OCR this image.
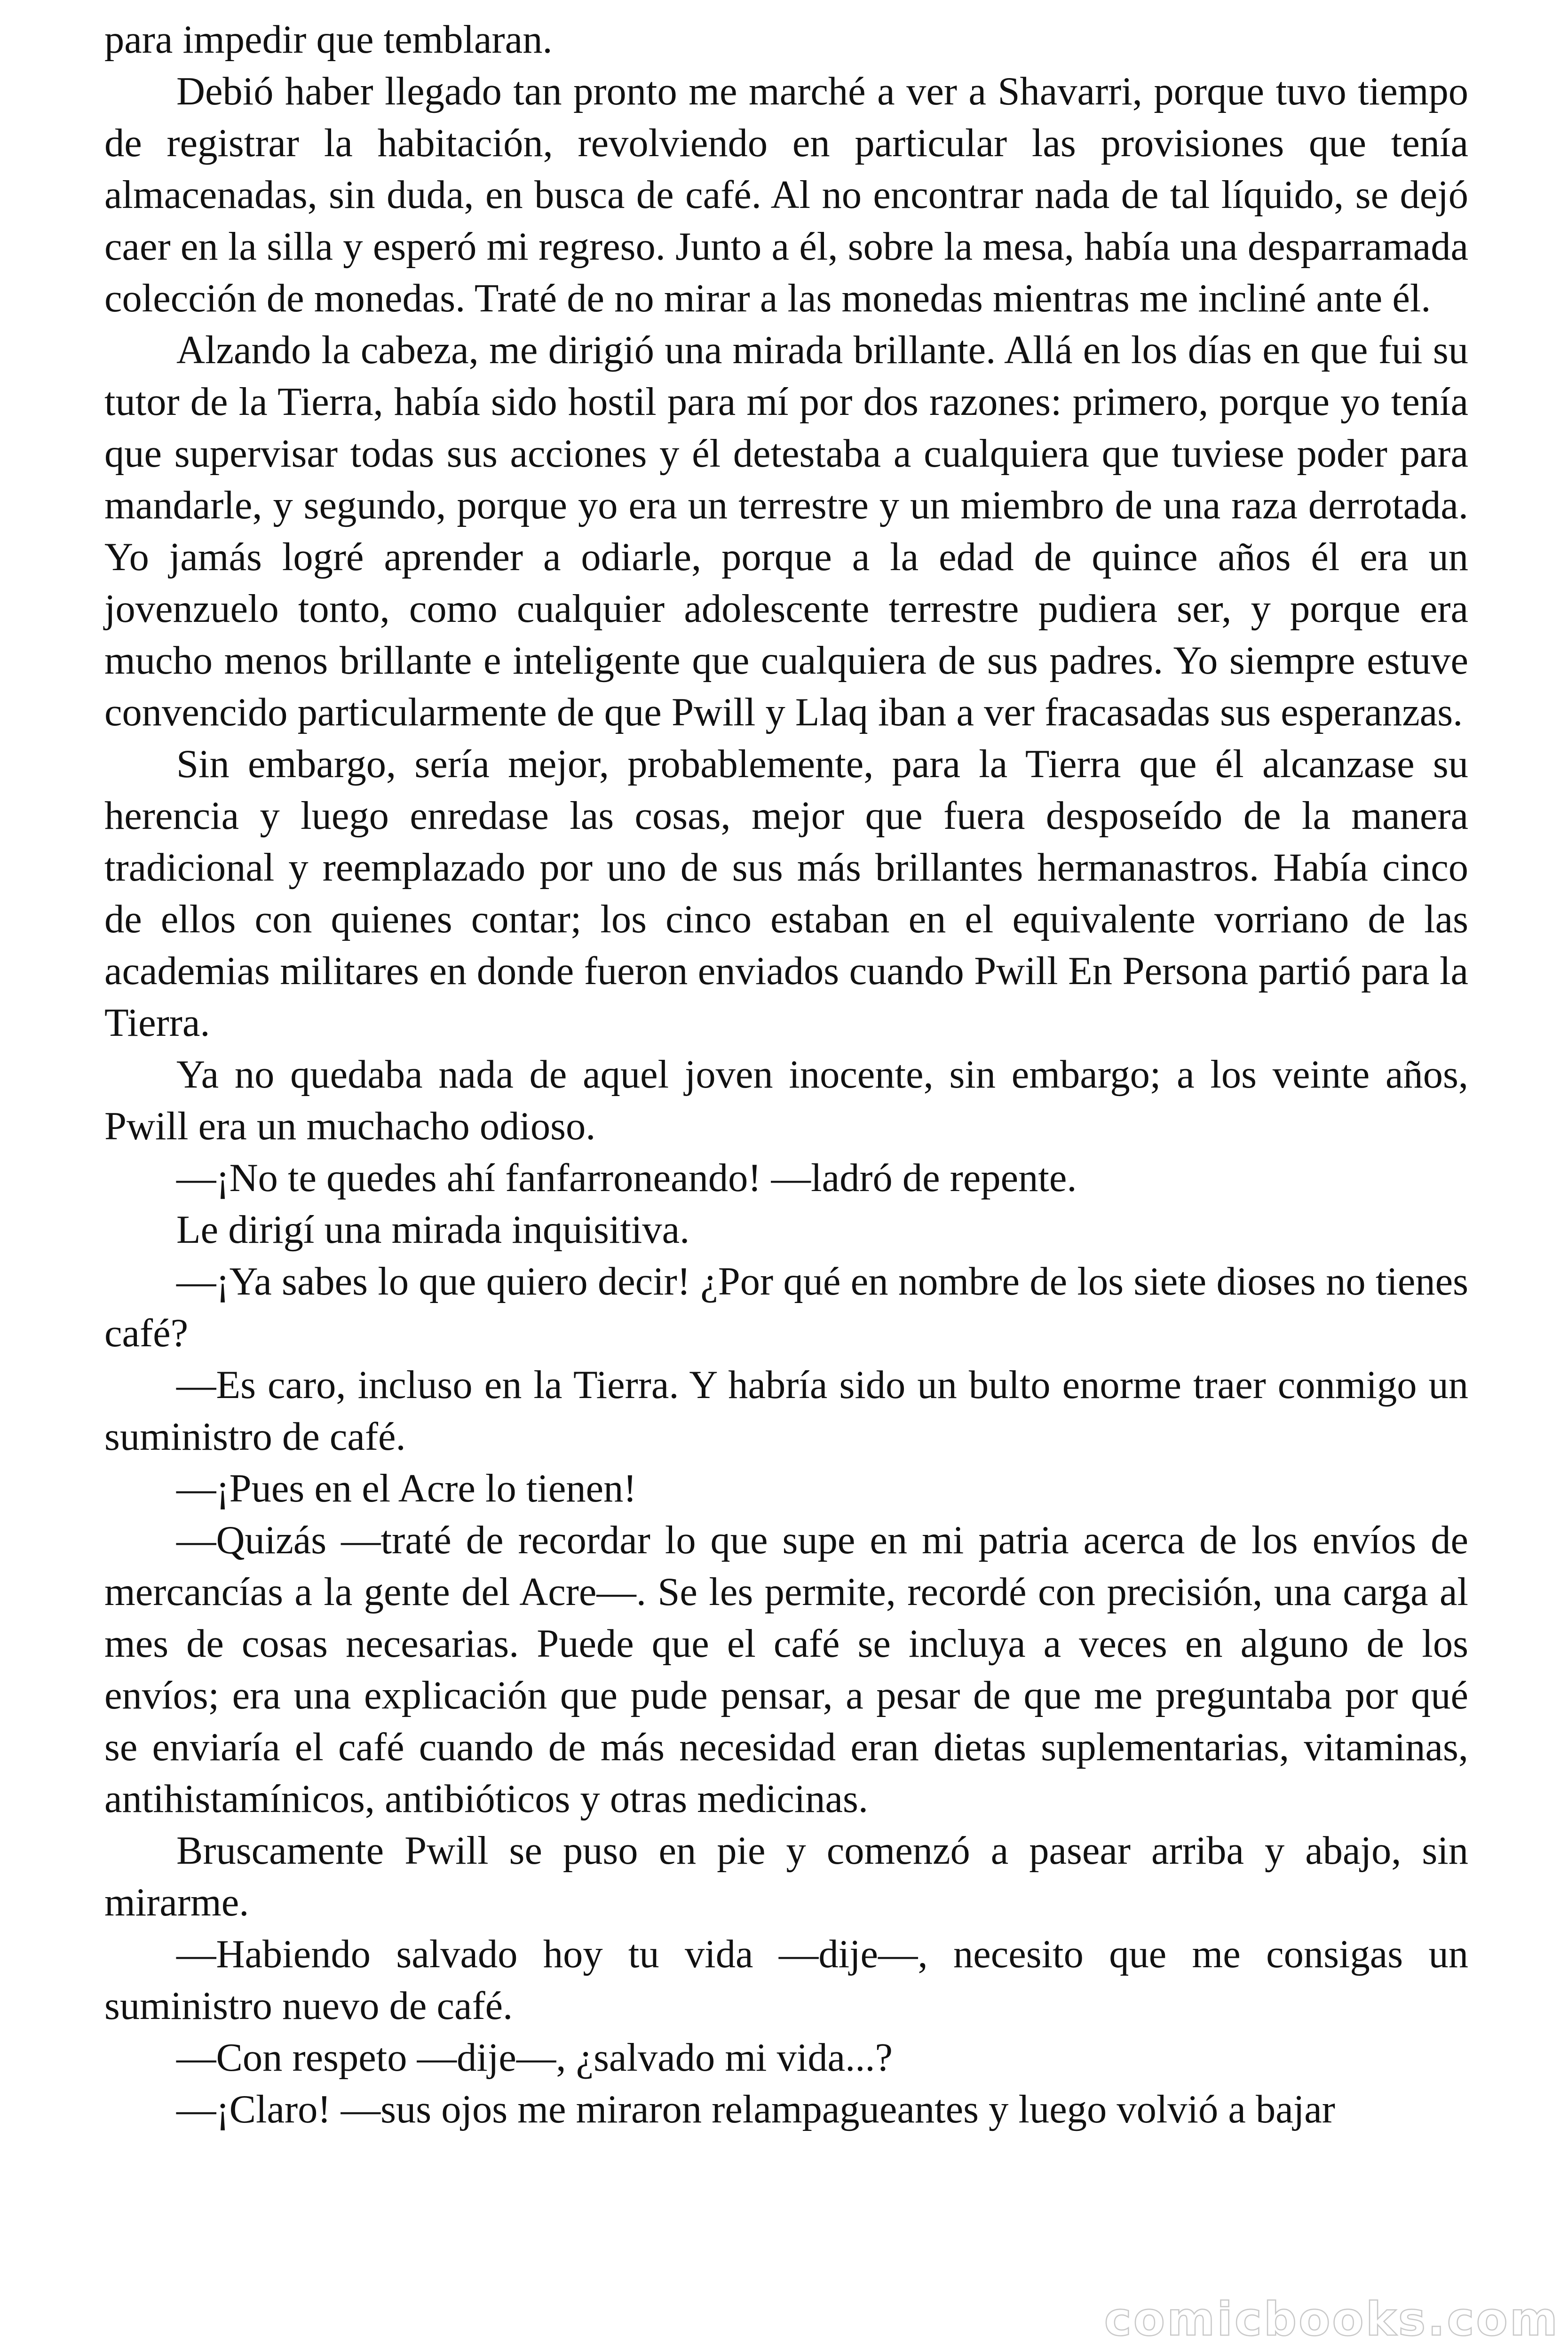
para impedir que temblaran.

Debió haber llegado tan pronto me marché a ver a Shavarri, porque tuvo tiempo de registrar la habitación, revolviendo en particular las provisiones que tenía almacenadas, sin duda, en busca de café. Al no encontrar nada de tal líquido, se dejó caer en la silla y esperó mi regreso. Junto a él, sobre la mesa, había una desparramada colección de monedas. Traté de no mirar a las monedas mientras me incliné ante él.

Alzando la cabeza, me dirigió una mirada brillante. Allá en los días en que fui su tutor de la Tierra, había sido hostil para mí por dos razones: primero, porque yo tenía que supervisar todas sus acciones y él detestaba a cualquiera que tuviese poder para mandarle, y segundo, porque yo era un terrestre y un miembro de una raza derrotada. Yo jamás logré aprender a odiarle, porque a la edad de quince años él era un jovenzuelo tonto, como cualquier adolescente terrestre pudiera ser, y porque era mucho menos brillante e inteligente que cualquiera de sus padres. Yo siempre estuve convencido particularmente de que Pwill y Llaq iban a ver fracasadas sus esperanzas.

Sin embargo, sería mejor, probablemente, para la Tierra que él alcanzase su herencia y luego enredase las cosas, mejor que fuera desposeído de la manera tradicional y reemplazado por uno de sus más brillantes hermanastros. Había cinco de ellos con quienes contar; los cinco estaban en el equivalente vorriano de las academias militares en donde fueron enviados cuando Pwill En Persona partió para la Tierra.

Ya no quedaba nada de aquel joven inocente, sin embargo; a los veinte años, Pwill era un muchacho odioso.

—¡No te quedes ahí fanfarroneando! —ladró de repente.

Le dirigí una mirada inquisitiva.

—¡Ya sabes lo que quiero decir! ¿Por qué en nombre de los siete dioses no tienes café?

—Es caro, incluso en la Tierra. Y habría sido un bulto enorme traer conmigo un suministro de café.

—¡Pues en el Acre lo tienen!

—Quizás —traté de recordar lo que supe en mi patria acerca de los envíos de mercancías a la gente del Acre—. Se les permite, recordé con precisión, una carga al mes de cosas necesarias. Puede que el café se incluya a veces en alguno de los envíos; era una explicación que pude pensar, a pesar de que me preguntaba por qué se enviaría el café cuando de más necesidad eran dietas suplementarias, vitaminas, antihistamínicos, antibióticos y otras medicinas.

Bruscamente Pwill se puso en pie y comenzó a pasear arriba y abajo, sin mirarme.

—Habiendo salvado hoy tu vida —dije—, necesito que me consigas un suministro nuevo de café.

—Con respeto —dije—, ¿salvado mi vida...?

—¡Claro! —sus ojos me miraron relampagueantes y luego volvió a bajar

comicbooks.com
